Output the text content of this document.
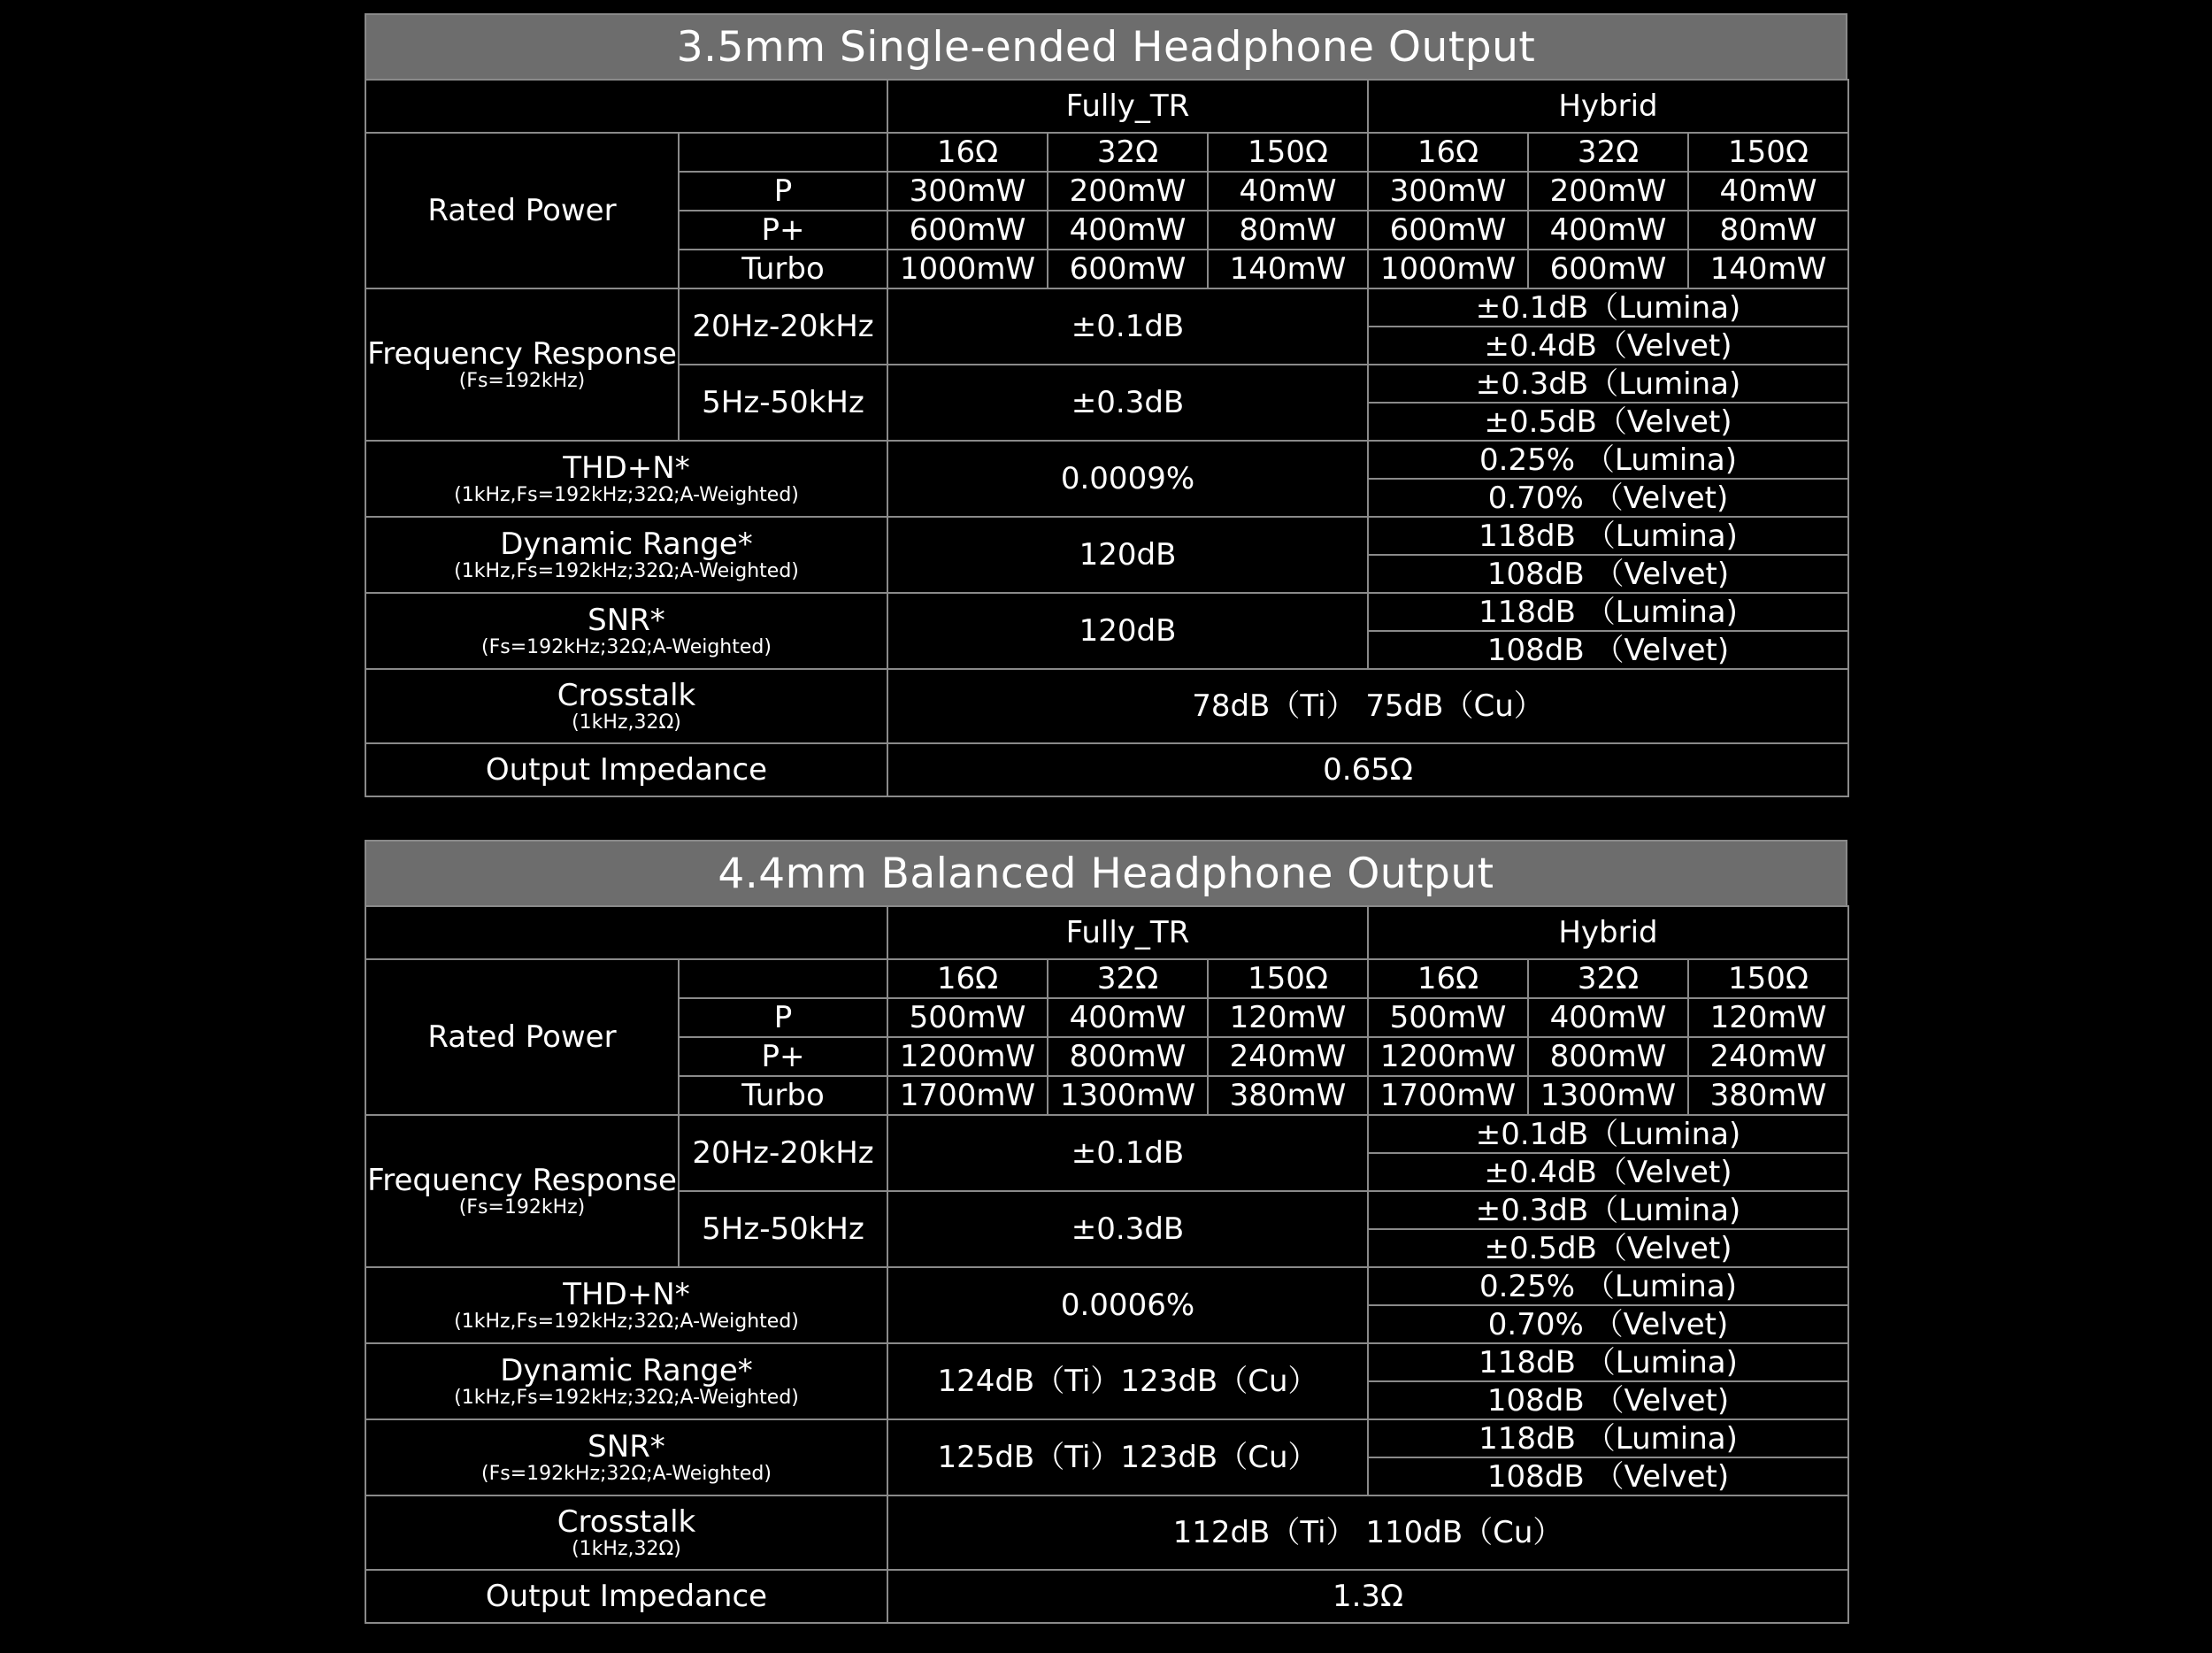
3.5mm Single-ended Headphone Output
		Fully_TR			Hybrid		

Rated Power		16Ω	32Ω	150Ω	16Ω	32Ω	150Ω
	P	300mW	200mW	40mW	300mW	200mW	40mW
	P+	600mW	400mW	80mW	600mW	400mW	80mW
	Turbo	1000mW	600mW	140mW	1000mW	600mW	140mW

Frequency Response
(Fs=192kHz)	20Hz-20kHz	±0.1dB			±0.1dB（Lumina)		
					±0.4dB（Velvet)		
	5Hz-50kHz	±0.3dB			±0.3dB（Lumina)		
					±0.5dB（Velvet)		

THD+N*
(1kHz,Fs=192kHz;32Ω;A-Weighted)		0.0009%			0.25% （Lumina)		
					0.70% （Velvet)		

Dynamic Range*
(1kHz,Fs=192kHz;32Ω;A-Weighted)		120dB			118dB （Lumina)		
					108dB （Velvet)		

SNR*
(Fs=192kHz;32Ω;A-Weighted)		120dB			118dB （Lumina)		
					108dB （Velvet)		

Crosstalk
(1kHz,32Ω)		78dB（Ti） 75dB（Cu）					
Output Impedance		0.65Ω					
4.4mm Balanced Headphone Output
		Fully_TR			Hybrid		

Rated Power		16Ω	32Ω	150Ω	16Ω	32Ω	150Ω
	P	500mW	400mW	120mW	500mW	400mW	120mW
	P+	1200mW	800mW	240mW	1200mW	800mW	240mW
	Turbo	1700mW	1300mW	380mW	1700mW	1300mW	380mW

Frequency Response
(Fs=192kHz)	20Hz-20kHz	±0.1dB			±0.1dB（Lumina)		
					±0.4dB（Velvet)		
	5Hz-50kHz	±0.3dB			±0.3dB（Lumina)		
					±0.5dB（Velvet)		

THD+N*
(1kHz,Fs=192kHz;32Ω;A-Weighted)		0.0006%			0.25% （Lumina)		
					0.70% （Velvet)		

Dynamic Range*
(1kHz,Fs=192kHz;32Ω;A-Weighted)		124dB（Ti）123dB（Cu）			118dB （Lumina)		
					108dB （Velvet)		

SNR*
(Fs=192kHz;32Ω;A-Weighted)		125dB（Ti）123dB（Cu）			118dB （Lumina)		
					108dB （Velvet)		

Crosstalk
(1kHz,32Ω)		112dB（Ti） 110dB（Cu）					
Output Impedance		1.3Ω					
